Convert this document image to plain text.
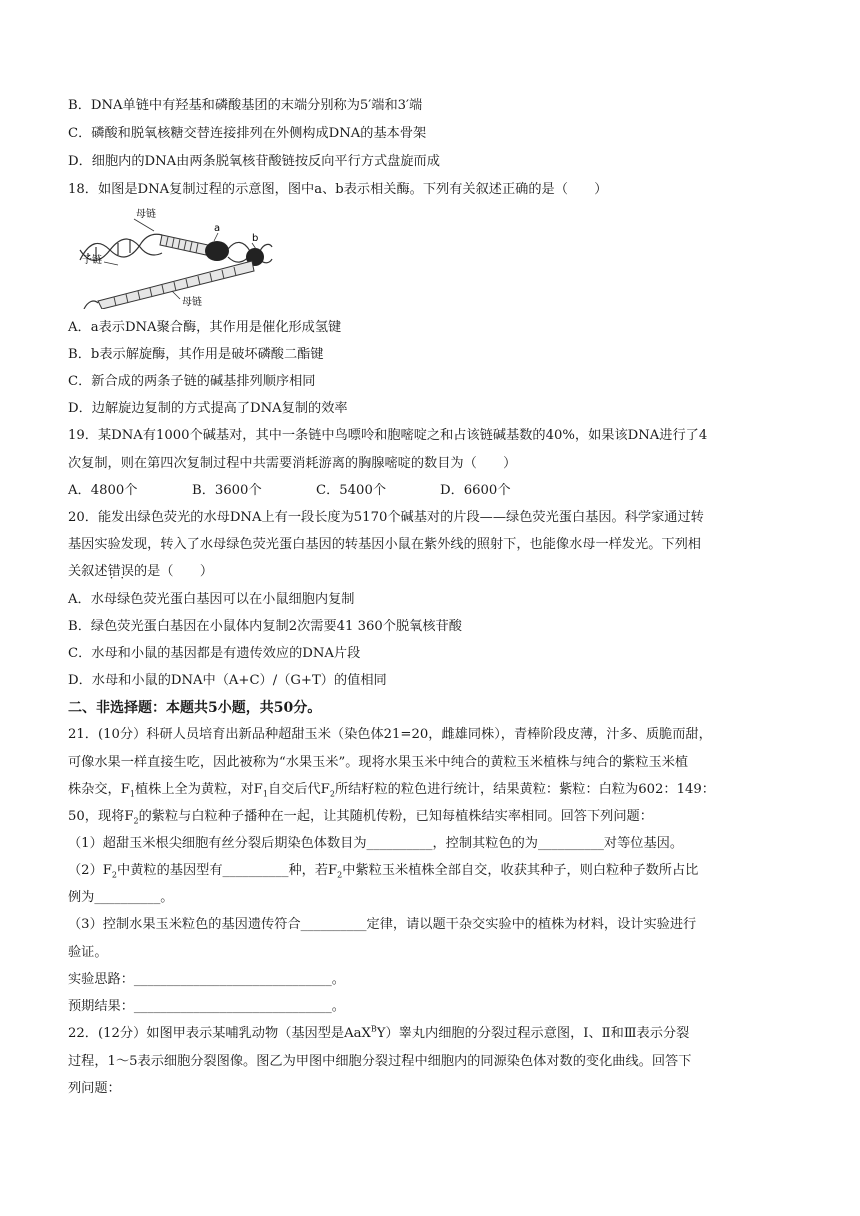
B．DNA单链中有羟基和磷酸基团的末端分别称为5′端和3′端
C．磷酸和脱氧核糖交替连接排列在外侧构成DNA的基本骨架
D．细胞内的DNA由两条脱氧核苷酸链按反向平行方式盘旋而成
18．如图是DNA复制过程的示意图，图中a、b表示相关酶。下列有关叙述正确的是（　　）
母链
a
b
子链
母链
A．a表示DNA聚合酶，其作用是催化形成氢键
B．b表示解旋酶，其作用是破坏磷酸二酯键
C．新合成的两条子链的碱基排列顺序相同
D．边解旋边复制的方式提高了DNA复制的效率
19．某DNA有1000个碱基对，其中一条链中鸟嘌呤和胞嘧啶之和占该链碱基数的40%，如果该DNA进行了4
次复制，则在第四次复制过程中共需要消耗游离的胸腺嘧啶的数目为（　　）
A．4800个	B．3600个	C．5400个	D．6600个
20．能发出绿色荧光的水母DNA上有一段长度为5170个碱基对的片段——绿色荧光蛋白基因。科学家通过转
基因实验发现，转入了水母绿色荧光蛋白基因的转基因小鼠在紫外线的照射下，也能像水母一样发光。下列相
关叙述错误 ··的是（　　）
A．水母绿色荧光蛋白基因可以在小鼠细胞内复制
B．绿色荧光蛋白基因在小鼠体内复制2次需要41 360个脱氧核苷酸
C．水母和小鼠的基因都是有遗传效应的DNA片段
D．水母和小鼠的DNA中（A+C）/（G+T）的值相同
二、非选择题：本题共5小题，共50分。
21．(10分）科研人员培育出新品种超甜玉米（染色体21=20，雌雄同株），青棒阶段皮薄，汁多、质脆而甜，
可像水果一样直接生吃，因此被称为“水果玉米”。现将水果玉米中纯合的黄粒玉米植株与纯合的紫粒玉米植
株杂交，$F_1$植株上全为黄粒，对$F_1$自交后代$F_2$所结籽粒的粒色进行统计，结果黄粒：紫粒：白粒为602：149：
50，现将$F_2$的紫粒与白粒种子播种在一起，让其随机传粉，已知每植株结实率相同。回答下列问题：
（1）超甜玉米根尖细胞有丝分裂后期染色体数目为__________，控制其粒色的为__________对等位基因。
$(2)F_2$中黄粒的基因型有__________种，若$F_2$中紫粒玉米植株全部自交，收获其种子，则白粒种子数所占比
例为__________。
（3）控制水果玉米粒色的基因遗传符合__________定律，请以题干杂交实验中的植株为材料，设计实验进行
验证。
实验思路：______________________________。
预期结果：______________________________。
22．(12分）如图甲表示某哺乳动物（基因型是AaX$^B$Y）睾丸内细胞的分裂过程示意图，Ⅰ、Ⅱ和Ⅲ表示分裂
过程，1～5表示细胞分裂图像。图乙为甲图中细胞分裂过程中细胞内的同源染色体对数的变化曲线。回答下
列问题：
